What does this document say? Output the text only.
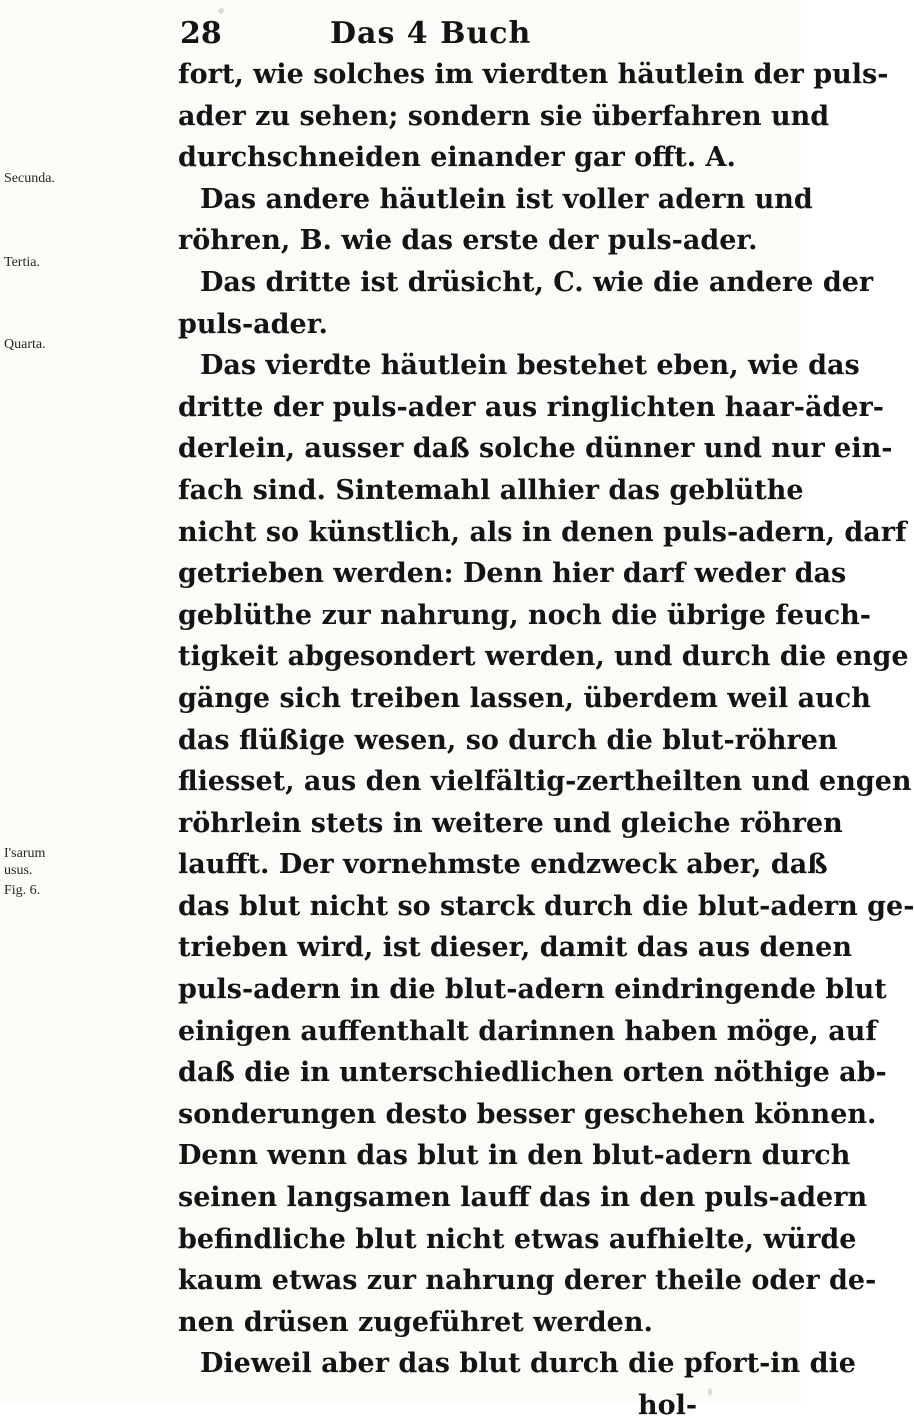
28	Das 4 Buch
Secunda.
Tertia.
Quarta.
I'sarum
usus.
Fig. 6.
fort, wie solches im vierdten häutlein der puls-
ader zu sehen; sondern sie überfahren und
durchschneiden einander gar offt. A.
Das andere häutlein ist voller adern und
röhren, B. wie das erste der puls-ader.
Das dritte ist drüsicht, C. wie die andere der
puls-ader.
Das vierdte häutlein bestehet eben, wie das
dritte der puls-ader aus ringlichten haar-äder-
derlein, ausser daß solche dünner und nur ein-
fach sind. Sintemahl allhier das geblüthe
nicht so künstlich, als in denen puls-adern, darf
getrieben werden: Denn hier darf weder das
geblüthe zur nahrung, noch die übrige feuch-
tigkeit abgesondert werden, und durch die enge
gänge sich treiben lassen, überdem weil auch
das flüßige wesen, so durch die blut-röhren
fliesset, aus den vielfältig-zertheilten und engen
röhrlein stets in weitere und gleiche röhren
laufft. Der vornehmste endzweck aber, daß
das blut nicht so starck durch die blut-adern ge-
trieben wird, ist dieser, damit das aus denen
puls-adern in die blut-adern eindringende blut
einigen auffenthalt darinnen haben möge, auf
daß die in unterschiedlichen orten nöthige ab-
sonderungen desto besser geschehen können.
Denn wenn das blut in den blut-adern durch
seinen langsamen lauff das in den puls-adern
befindliche blut nicht etwas aufhielte, würde
kaum etwas zur nahrung derer theile oder de-
nen drüsen zugeführet werden.
Dieweil aber das blut durch die pfort-in die
hol-
